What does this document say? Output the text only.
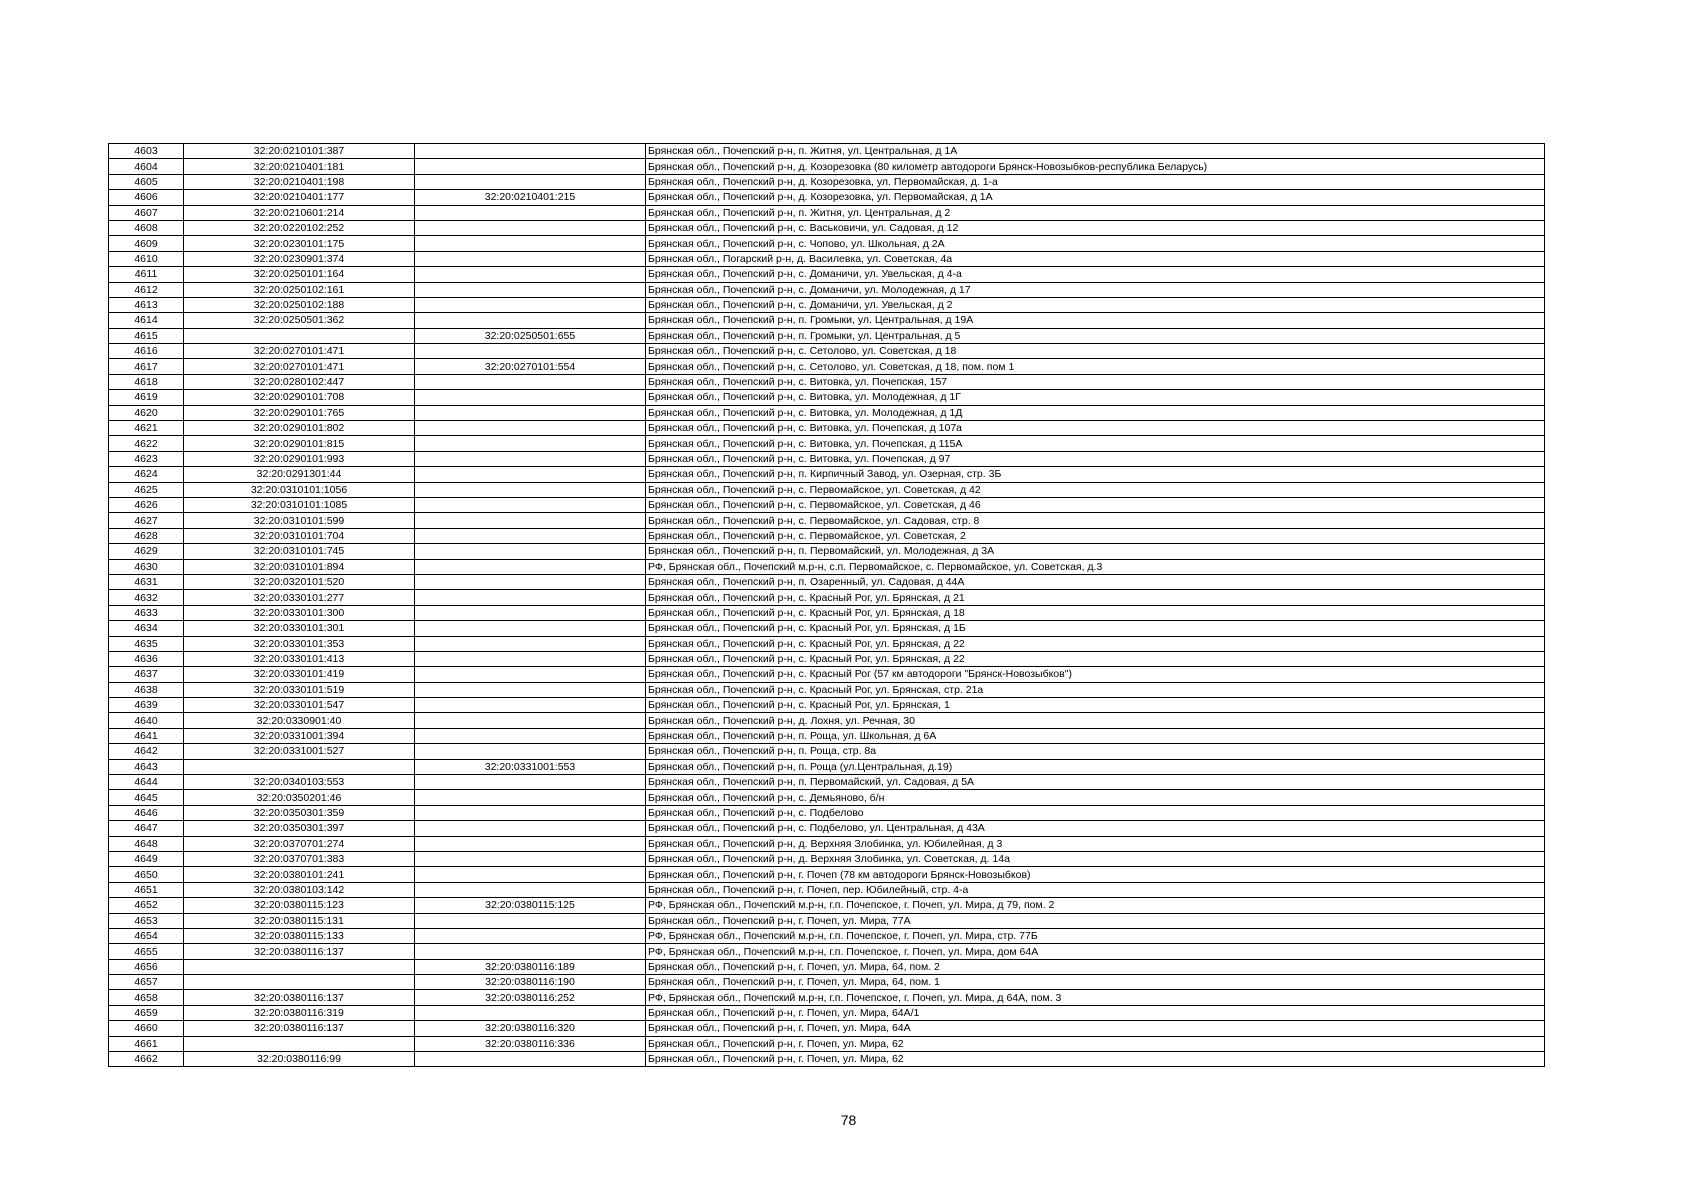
4603	32:20:0210101:387		Брянская обл., Почепский р-н, п. Житня, ул. Центральная, д 1А
4604	32:20:0210401:181		Брянская обл., Почепский р-н, д. Козорезовка (80 километр автодороги Брянск-Новозыбков-республика Беларусь)
4605	32:20:0210401:198		Брянская обл., Почепский р-н, д. Козорезовка, ул. Первомайская, д. 1-а
4606	32:20:0210401:177	32:20:0210401:215	Брянская обл., Почепский р-н, д. Козорезовка, ул. Первомайская, д 1А
4607	32:20:0210601:214		Брянская обл., Почепский р-н, п. Житня, ул. Центральная, д 2
4608	32:20:0220102:252		Брянская обл., Почепский р-н, с. Васьковичи, ул. Садовая, д 12
4609	32:20:0230101:175		Брянская обл., Почепский р-н, с. Чопово, ул. Школьная, д 2А
4610	32:20:0230901:374		Брянская обл., Погарский р-н, д. Василевка, ул. Советская, 4а
4611	32:20:0250101:164		Брянская обл., Почепский р-н, с. Доманичи, ул. Увельская, д 4-а
4612	32:20:0250102:161		Брянская обл., Почепский р-н, с. Доманичи, ул. Молодежная, д 17
4613	32:20:0250102:188		Брянская обл., Почепский р-н, с. Доманичи, ул. Увельская, д 2
4614	32:20:0250501:362		Брянская обл., Почепский р-н, п. Громыки, ул. Центральная, д 19А
4615		32:20:0250501:655	Брянская обл., Почепский р-н, п. Громыки, ул. Центральная, д 5
4616	32:20:0270101:471		Брянская обл., Почепский р-н, с. Сетолово, ул. Советская, д 18
4617	32:20:0270101:471	32:20:0270101:554	Брянская обл., Почепский р-н, с. Сетолово, ул. Советская, д 18, пом. пом 1
4618	32:20:0280102:447		Брянская обл., Почепский р-н, с. Витовка, ул. Почепская, 157
4619	32:20:0290101:708		Брянская обл., Почепский р-н, с. Витовка, ул. Молодежная, д 1Г
4620	32:20:0290101:765		Брянская обл., Почепский р-н, с. Витовка, ул. Молодежная, д 1Д
4621	32:20:0290101:802		Брянская обл., Почепский р-н, с. Витовка, ул. Почепская, д 107а
4622	32:20:0290101:815		Брянская обл., Почепский р-н, с. Витовка, ул. Почепская, д 115А
4623	32:20:0290101:993		Брянская обл., Почепский р-н, с. Витовка, ул. Почепская, д 97
4624	32:20:0291301:44		Брянская обл., Почепский р-н, п. Кирпичный Завод, ул. Озерная, стр. 3Б
4625	32:20:0310101:1056		Брянская обл., Почепский р-н, с. Первомайское, ул. Советская, д 42
4626	32:20:0310101:1085		Брянская обл., Почепский р-н, с. Первомайское, ул. Советская, д 46
4627	32:20:0310101:599		Брянская обл., Почепский р-н, с. Первомайское, ул. Садовая, стр. 8
4628	32:20:0310101:704		Брянская обл., Почепский р-н, с. Первомайское, ул. Советская, 2
4629	32:20:0310101:745		Брянская обл., Почепский р-н, п. Первомайский, ул. Молодежная, д 3А
4630	32:20:0310101:894		РФ, Брянская обл., Почепский м.р-н, с.п. Первомайское, с. Первомайское, ул. Советская, д.3
4631	32:20:0320101:520		Брянская обл., Почепский р-н, п. Озаренный, ул. Садовая, д 44А
4632	32:20:0330101:277		Брянская обл., Почепский р-н, с. Красный Рог, ул. Брянская, д 21
4633	32:20:0330101:300		Брянская обл., Почепский р-н, с. Красный Рог, ул. Брянская, д 18
4634	32:20:0330101:301		Брянская обл., Почепский р-н, с. Красный Рог, ул. Брянская, д 1Б
4635	32:20:0330101:353		Брянская обл., Почепский р-н, с. Красный Рог, ул. Брянская, д 22
4636	32:20:0330101:413		Брянская обл., Почепский р-н, с. Красный Рог, ул. Брянская, д 22
4637	32:20:0330101:419		Брянская обл., Почепский р-н, с. Красный Рог (57 км автодороги "Брянск-Новозыбков")
4638	32:20:0330101:519		Брянская обл., Почепский р-н, с. Красный Рог, ул. Брянская, стр. 21а
4639	32:20:0330101:547		Брянская обл., Почепский р-н, с. Красный Рог, ул. Брянская, 1
4640	32:20:0330901:40		Брянская обл., Почепский р-н, д. Лохня, ул. Речная, 30
4641	32:20:0331001:394		Брянская обл., Почепский р-н, п. Роща, ул. Школьная, д 6А
4642	32:20:0331001:527		Брянская обл., Почепский р-н, п. Роща, стр. 8а
4643		32:20:0331001:553	Брянская обл., Почепский р-н, п. Роща (ул.Центральная, д.19)
4644	32:20:0340103:553		Брянская обл., Почепский р-н, п. Первомайский, ул. Садовая, д 5А
4645	32:20:0350201:46		Брянская обл., Почепский р-н, с. Демьяново, б/н
4646	32:20:0350301:359		Брянская обл., Почепский р-н, с. Подбелово
4647	32:20:0350301:397		Брянская обл., Почепский р-н, с. Подбелово, ул. Центральная, д 43А
4648	32:20:0370701:274		Брянская обл., Почепский р-н, д. Верхняя Злобинка, ул. Юбилейная, д 3
4649	32:20:0370701:383		Брянская обл., Почепский р-н, д. Верхняя Злобинка, ул. Советская, д. 14а
4650	32:20:0380101:241		Брянская обл., Почепский р-н, г. Почеп (78 км автодороги Брянск-Новозыбков)
4651	32:20:0380103:142		Брянская обл., Почепский р-н, г. Почеп, пер. Юбилейный, стр. 4-а
4652	32:20:0380115:123	32:20:0380115:125	РФ, Брянская обл., Почепский м.р-н, г.п. Почепское, г. Почеп, ул. Мира, д 79, пом. 2
4653	32:20:0380115:131		Брянская обл., Почепский р-н, г. Почеп, ул. Мира, 77А
4654	32:20:0380115:133		РФ, Брянская обл., Почепский м.р-н, г.п. Почепское, г. Почеп, ул. Мира, стр. 77Б
4655	32:20:0380116:137		РФ, Брянская обл., Почепский м.р-н, г.п. Почепское, г. Почеп, ул. Мира, дом 64А
4656		32:20:0380116:189	Брянская обл., Почепский р-н, г. Почеп, ул. Мира, 64, пом. 2
4657		32:20:0380116:190	Брянская обл., Почепский р-н, г. Почеп, ул. Мира, 64, пом. 1
4658	32:20:0380116:137	32:20:0380116:252	РФ, Брянская обл., Почепский м.р-н, г.п. Почепское, г. Почеп, ул. Мира, д 64А, пом. 3
4659	32:20:0380116:319		Брянская обл., Почепский р-н, г. Почеп, ул. Мира, 64А/1
4660	32:20:0380116:137	32:20:0380116:320	Брянская обл., Почепский р-н, г. Почеп, ул. Мира, 64А
4661		32:20:0380116:336	Брянская обл., Почепский р-н, г. Почеп, ул. Мира, 62
4662	32:20:0380116:99		Брянская обл., Почепский р-н, г. Почеп, ул. Мира, 62
78
